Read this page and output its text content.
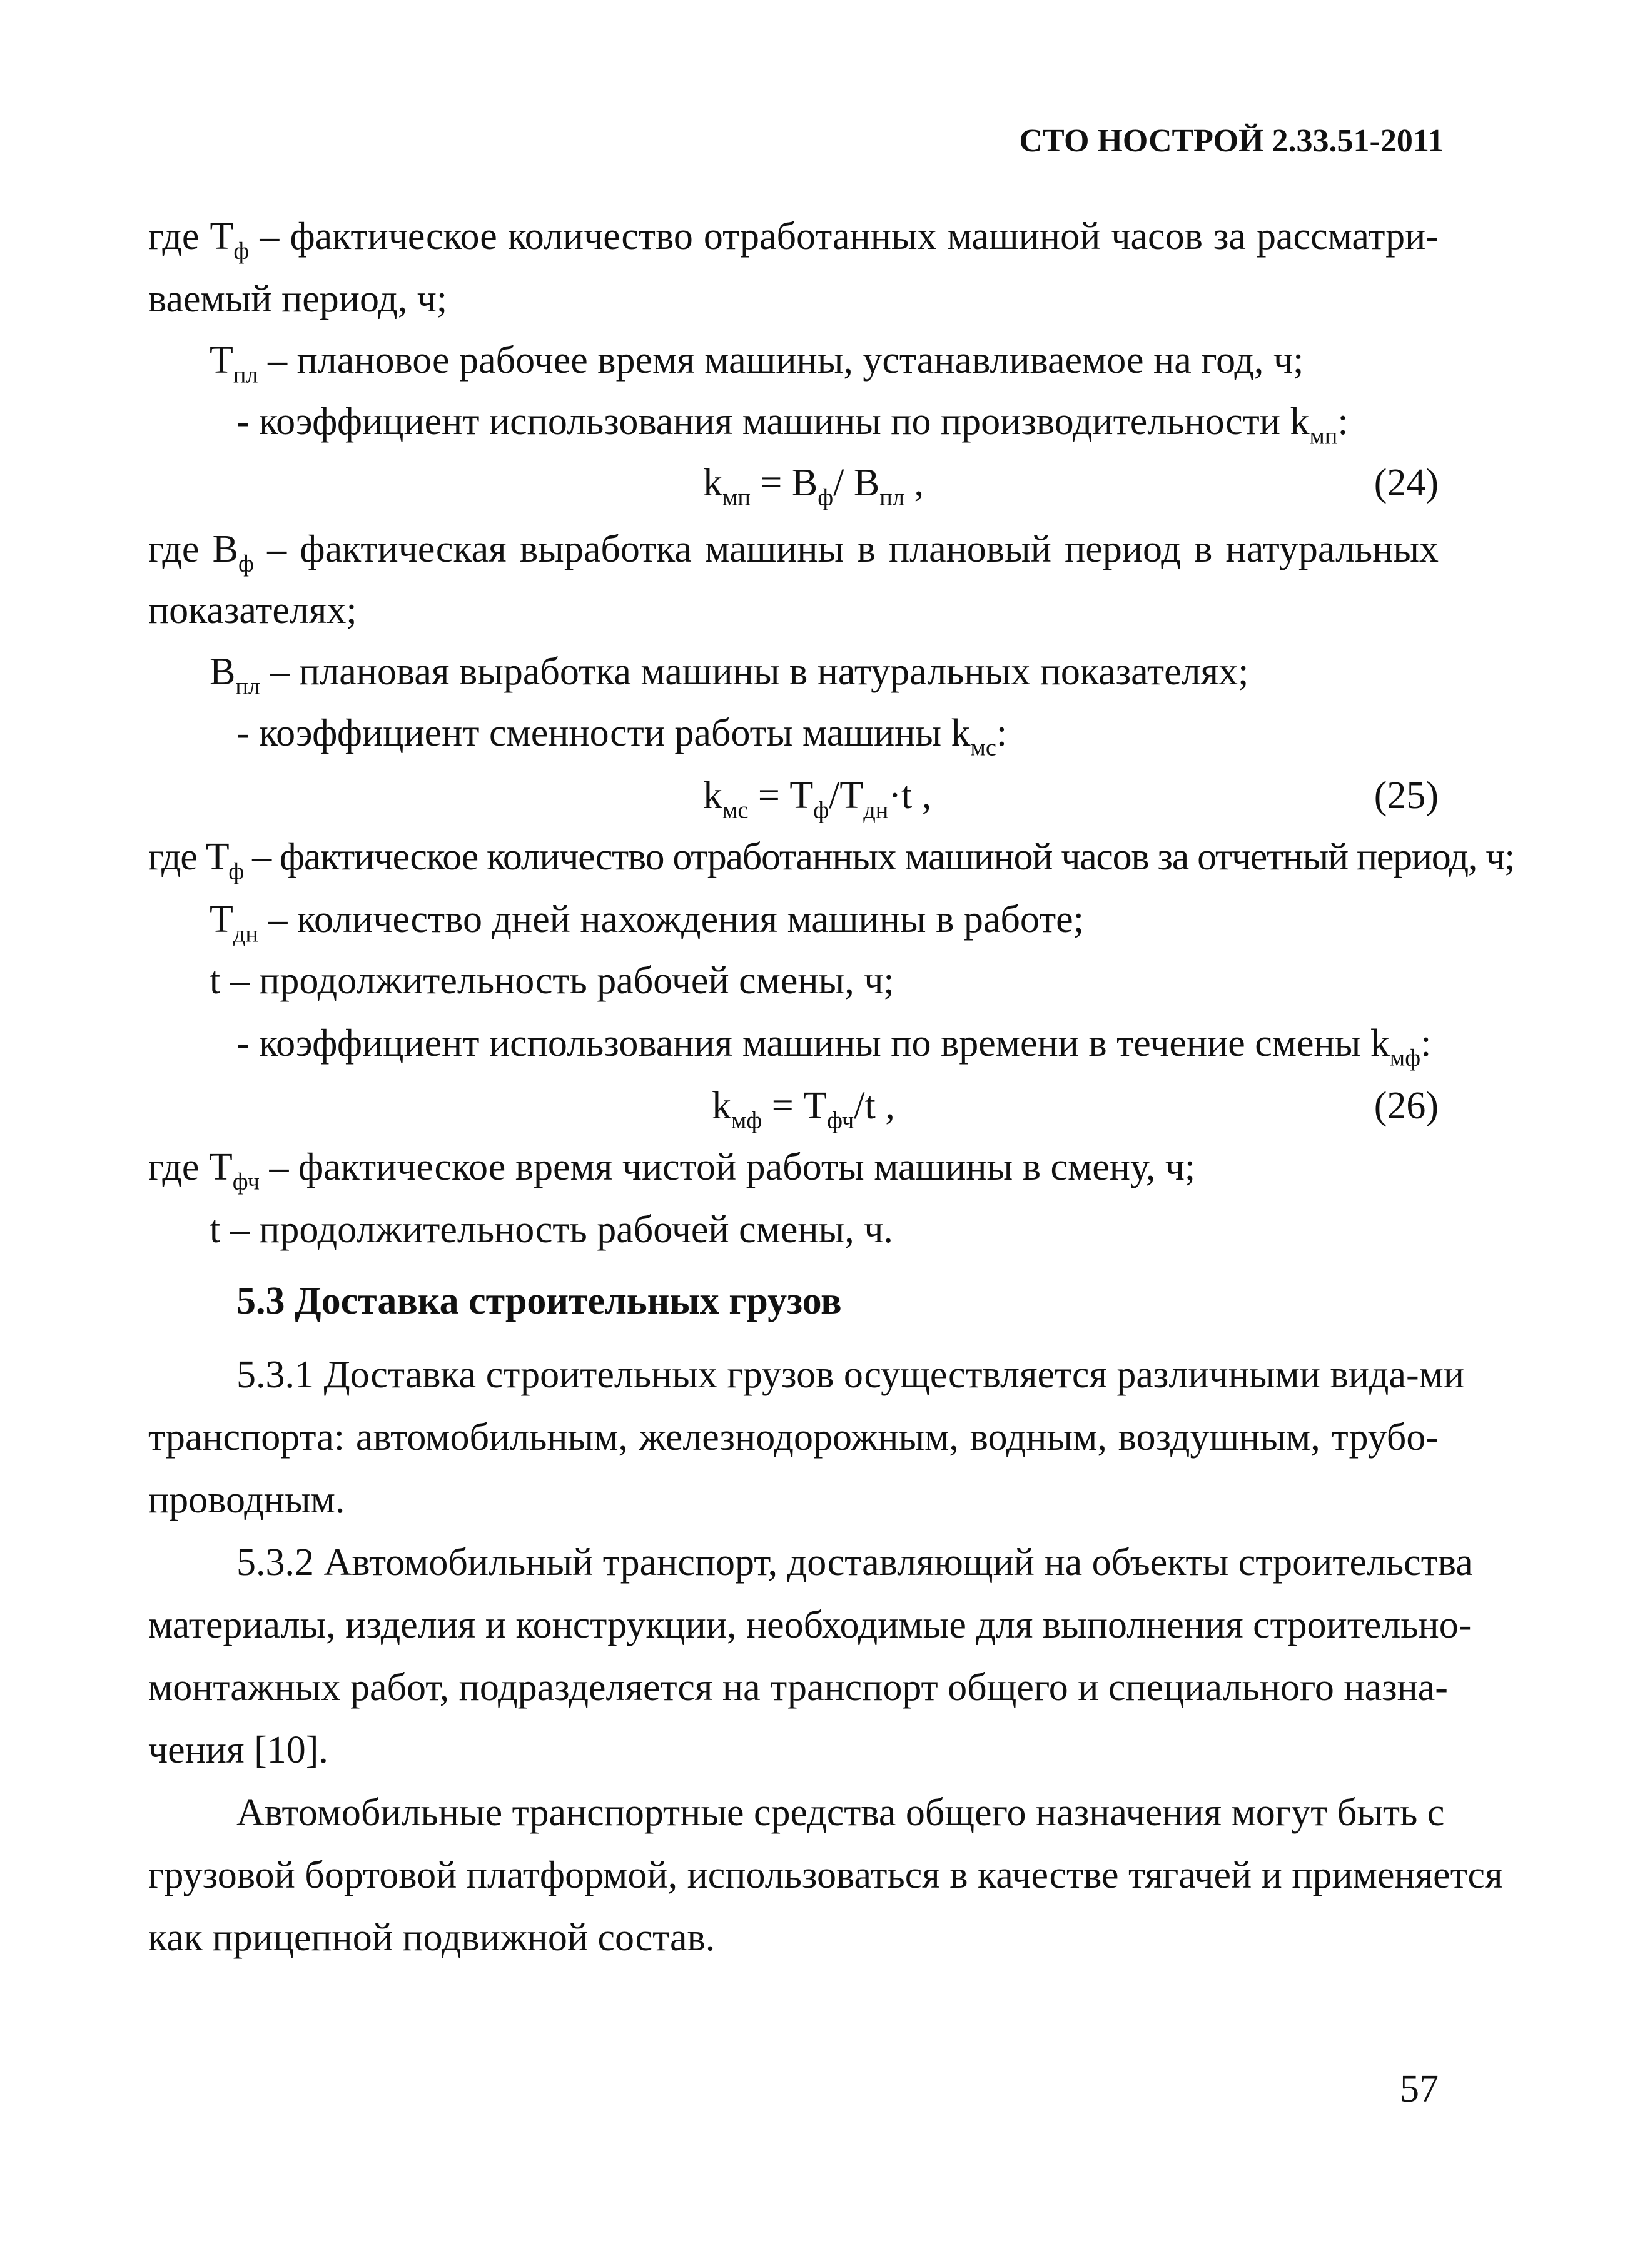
СТО НОСТРОЙ 2.33.51-2011
где $T_ф$ – фактическое количество отработанных машиной часов за рассматри-
ваемый период, ч;
$T_{пл}$ – плановое рабочее время машины, устанавливаемое на год, ч;
- коэффициент использования машины по производительности $k_{мп}$:
$k_{мп} = B_ф/$ $B_{пл}$ ,	(24)
где $B_ф$ – фактическая выработка машины в плановый период в натуральных
показателях;
$B_{пл}$ – плановая выработка машины в натуральных показателях;
- коэффициент сменности работы машины $k_{мс}$:
$k_{мс} = T_ф/T_{дн}\cdot t$ ,	(25)
где $T_ф$ – фактическое количество отработанных машиной часов за отчетный период, ч;
$T_{дн}$ – количество дней нахождения машины в работе;
t – продолжительность рабочей смены, ч;
- коэффициент использования машины по времени в течение смены $k_{мф}$:
$k_{мф} = T_{фч}/t$ ,	(26)
где $T_{фч}$ – фактическое время чистой работы машины в смену, ч;
t – продолжительность рабочей смены, ч.
5.3 Доставка строительных грузов
5.3.1 Доставка строительных грузов осуществляется различными вида-ми
транспорта: автомобильным, железнодорожным, водным, воздушным, трубо-
проводным.
5.3.2 Автомобильный транспорт, доставляющий на объекты строительства
материалы, изделия и конструкции, необходимые для выполнения строительно-
монтажных работ, подразделяется на транспорт общего и специального назна-
чения [10].
Автомобильные транспортные средства общего назначения могут быть с
грузовой бортовой платформой, использоваться в качестве тягачей и применяется
как прицепной подвижной состав.
57
